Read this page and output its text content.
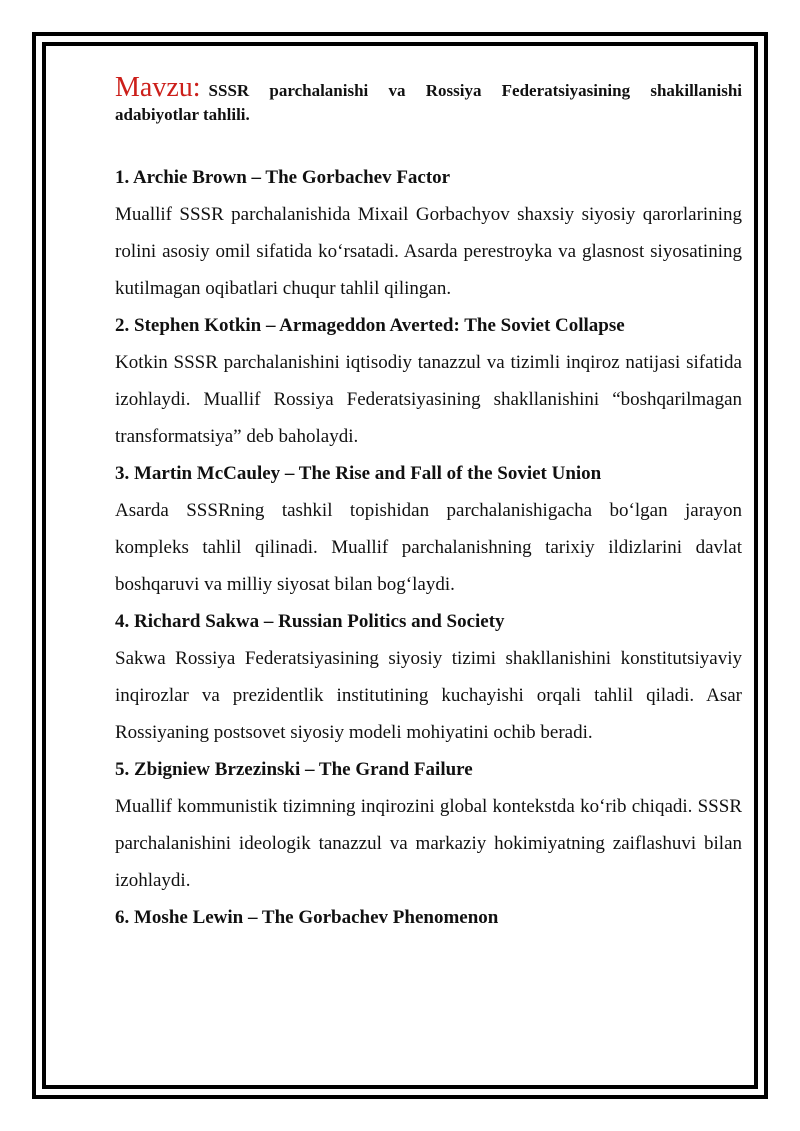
Mavzu: SSSR parchalanishi va Rossiya Federatsiyasining shakillanishi adabiyotlar tahlili.

1. Archie Brown – The Gorbachev Factor

Muallif SSSR parchalanishida Mixail Gorbachyov shaxsiy siyosiy qarorlarining rolini asosiy omil sifatida ko‘rsatadi. Asarda perestroyka va glasnost siyosatining kutilmagan oqibatlari chuqur tahlil qilingan.

2. Stephen Kotkin – Armageddon Averted: The Soviet Collapse

Kotkin SSSR parchalanishini iqtisodiy tanazzul va tizimli inqiroz natijasi sifatida izohlaydi. Muallif Rossiya Federatsiyasining shakllanishini “boshqarilmagan transformatsiya” deb baholaydi.

3. Martin McCauley – The Rise and Fall of the Soviet Union

Asarda SSSRning tashkil topishidan parchalanishigacha bo‘lgan jarayon kompleks tahlil qilinadi. Muallif parchalanishning tarixiy ildizlarini davlat boshqaruvi va milliy siyosat bilan bog‘laydi.

4. Richard Sakwa – Russian Politics and Society

Sakwa Rossiya Federatsiyasining siyosiy tizimi shakllanishini konstitutsiyaviy inqirozlar va prezidentlik institutining kuchayishi orqali tahlil qiladi. Asar Rossiyaning postsovet siyosiy modeli mohiyatini ochib beradi.

5. Zbigniew Brzezinski – The Grand Failure

Muallif kommunistik tizimning inqirozini global kontekstda ko‘rib chiqadi. SSSR parchalanishini ideologik tanazzul va markaziy hokimiyatning zaiflashuvi bilan izohlaydi.

6. Moshe Lewin – The Gorbachev Phenomenon
